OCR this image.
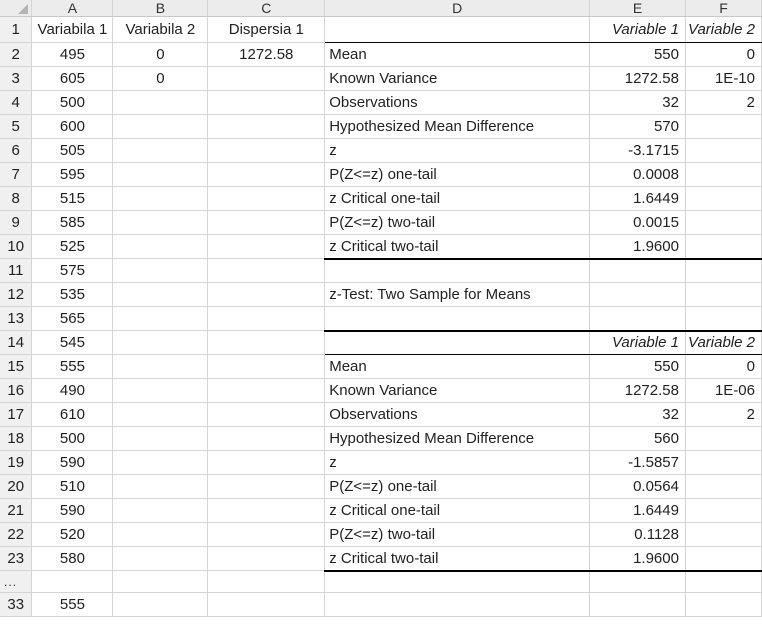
	A	B	C	D	E	F
1	Variabila 1	Variabila 2	Dispersia 1		Variable 1	Variable 2
2	495	0	1272.58	Mean	550	0
3	605	0		Known Variance	1272.58	1E-10
4	500			Observations	32	2
5	600			Hypothesized Mean Difference	570	
6	505			z	-3.1715	
7	595			P(Z<=z) one-tail	0.0008	
8	515			z Critical one-tail	1.6449	
9	585			P(Z<=z) two-tail	0.0015	
10	525			z Critical two-tail	1.9600	
11	575					
12	535			z-Test: Two Sample for Means		
13	565					
14	545				Variable 1	Variable 2
15	555			Mean	550	0
16	490			Known Variance	1272.58	1E-06
17	610			Observations	32	2
18	500			Hypothesized Mean Difference	560	
19	590			z	-1.5857	
20	510			P(Z<=z) one-tail	0.0564	
21	590			z Critical one-tail	1.6449	
22	520			P(Z<=z) two-tail	0.1128	
23	580			z Critical two-tail	1.9600	
...						
33	555					
